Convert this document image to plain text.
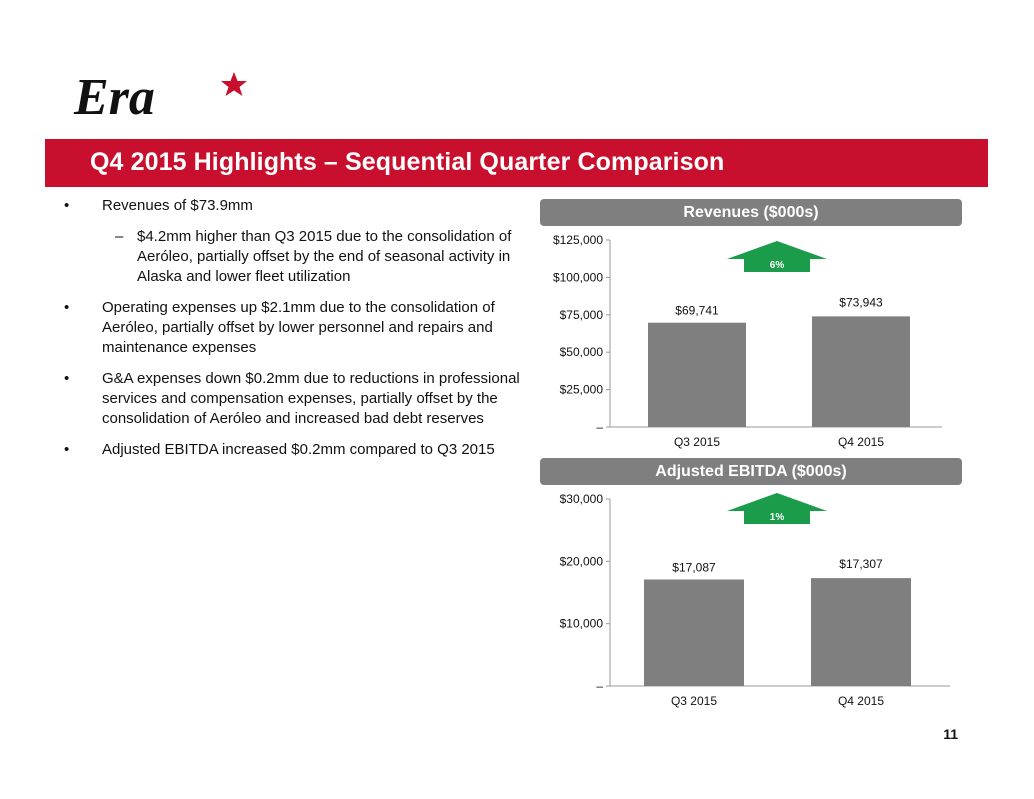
Era
Q4 2015 Highlights – Sequential Quarter Comparison
• Revenues of $73.9mm
– $4.2mm higher than Q3 2015 due to the consolidation of Aeróleo, partially offset by the end of seasonal activity in Alaska and lower fleet utilization
• Operating expenses up $2.1mm due to the consolidation of Aeróleo, partially offset by lower personnel and repairs and maintenance expenses
• G&A expenses down $0.2mm due to reductions in professional services and compensation expenses, partially offset by the consolidation of Aeróleo and increased bad debt reserves
• Adjusted EBITDA increased $0.2mm compared to Q3 2015
Revenues ($000s)
–
$25,000
$50,000
$75,000
$100,000
$125,000
$69,741
Q3 2015
$73,943
Q4 2015
6%
Adjusted EBITDA ($000s)
–
$10,000
$20,000
$30,000
$17,087
Q3 2015
$17,307
Q4 2015
1%
11
